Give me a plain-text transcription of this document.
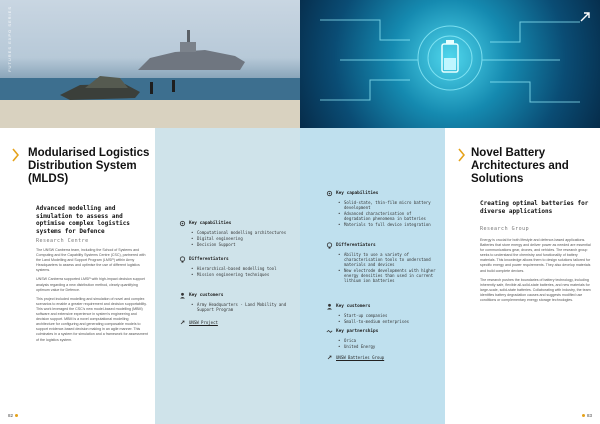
FUTURES EXPO SERIES
Modularised Logistics Distribution System (MLDS)
Advanced modelling and simulation to assess and optimise complex logistics systems for Defence
Research Centre

The UNSW Canberra team, including the School of Systems and Computing and the Capability Systems Centre (CSC), partnered with the Land Modelling and Support Program (LMSP) within Army Headquarters to assess and optimise the use of different logistics systems.

UNSW Canberra supported LMSP with high-impact decision support analysis regarding a new distribution method, clearly quantifying optimum value for Defence.

This project included modelling and simulation of novel and complex scenarios to enable a greater requirement and decision supportability. This work leveraged the CSC's new model-based modelling (MBM) software and extensive experience in system's engineering and decision support. MBM is a novel computational modelling architecture for configuring and generating composable models to support evidence-based decision making in an agile manner. This culminates in a system for simulation and a framework for assessment of the logistics system.

82
Key capabilities
• Computational modelling architectures
• Digital engineering
• Decision Support
Differentiators
• Hierarchical-based modelling tool
• Mission engineering techniques
Key customers
• Army Headquarters - Land Mobility and Support Program
UNSW Project
Key capabilities
• Solid-state, thin-film micro battery development
• Advanced characterisation of degradation phenomena in batteries
• Materials to full device integration
Differentiators
• Ability to use a variety of characterisation tools to understand materials and devices
• New electrode developments with higher energy densities than used in current lithium ion batteries
Key customers
• Start-up companies
• Small-to-medium enterprises
Key partnerships
• Orica
• United Energy
UNSW Batteries Group
Novel Battery Architectures and Solutions
Creating optimal batteries for diverse applications
Research Group

Energy is crucial for both lifestyle and defence-based applications. Batteries that store energy and deliver power as needed are essential for communications gear, drones, and vehicles. The research group seeks to understand the chemistry and functionality of battery materials. This knowledge allows them to design solutions tailored for specific energy and power requirements. They also develop materials and build complete devices.

The research pushes the boundaries of battery technology, including inherently safe, flexible all-solid-state batteries, and new materials for large-scale, solid-state batteries. Collaborating with industry, the team identifies battery degradation causes and suggests modified use conditions or complementary energy storage technologies.

83
